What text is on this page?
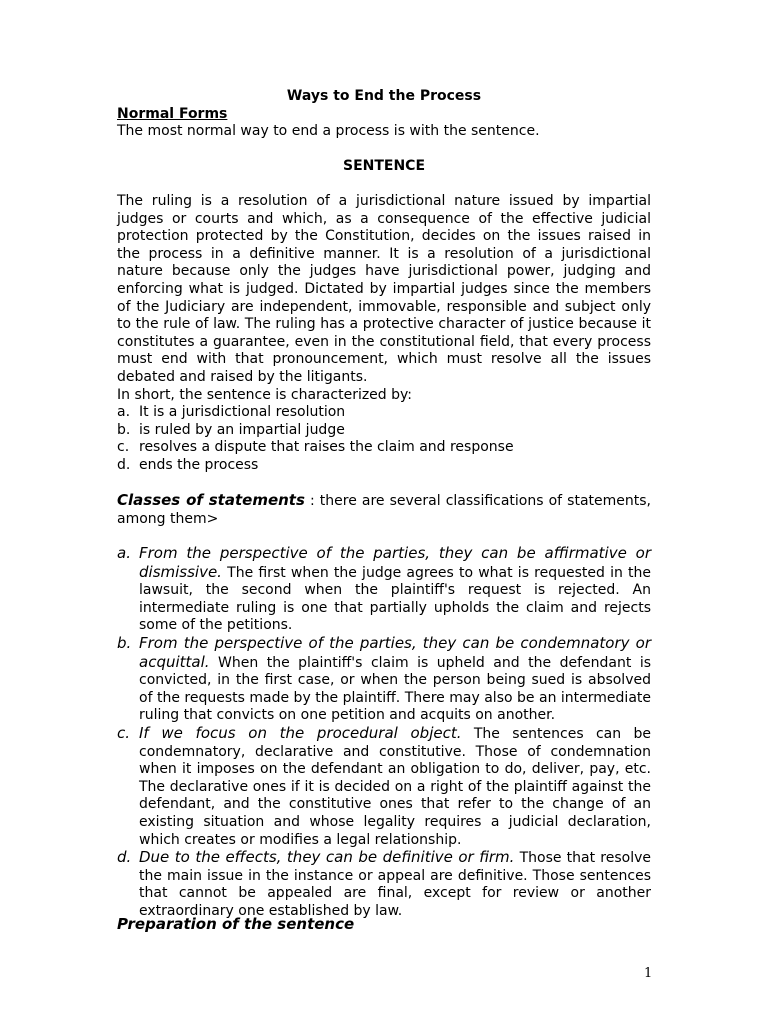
Ways to End the Process
Normal Forms
The most normal way to end a process is with the sentence.
SENTENCE
The ruling is a resolution of a jurisdictional nature issued by impartial judges or courts and which, as a consequence of the effective judicial protection protected by the Constitution, decides on the issues raised in the process in a definitive manner. It is a resolution of a jurisdictional nature because only the judges have jurisdictional power, judging and enforcing what is judged. Dictated by impartial judges since the members of the Judiciary are independent, immovable, responsible and subject only to the rule of law. The ruling has a protective character of justice because it constitutes a guarantee, even in the constitutional field, that every process must end with that pronouncement, which must resolve all the issues debated and raised by the litigants.
In short, the sentence is characterized by:
a. It is a jurisdictional resolution
b. is ruled by an impartial judge
c. resolves a dispute that raises the claim and response
d. ends the process
Classes of statements : there are several classifications of statements, among them>
a. From the perspective of the parties, they can be affirmative or dismissive. The first when the judge agrees to what is requested in the lawsuit, the second when the plaintiff's request is rejected. An intermediate ruling is one that partially upholds the claim and rejects some of the petitions.
b. From the perspective of the parties, they can be condemnatory or acquittal. When the plaintiff's claim is upheld and the defendant is convicted, in the first case, or when the person being sued is absolved of the requests made by the plaintiff. There may also be an intermediate ruling that convicts on one petition and acquits on another.
c. If we focus on the procedural object. The sentences can be condemnatory, declarative and constitutive. Those of condemnation when it imposes on the defendant an obligation to do, deliver, pay, etc. The declarative ones if it is decided on a right of the plaintiff against the defendant, and the constitutive ones that refer to the change of an existing situation and whose legality requires a judicial declaration, which creates or modifies a legal relationship.
d. Due to the effects, they can be definitive or firm. Those that resolve the main issue in the instance or appeal are definitive. Those sentences that cannot be appealed are final, except for review or another extraordinary one established by law.
Preparation of the sentence
1
